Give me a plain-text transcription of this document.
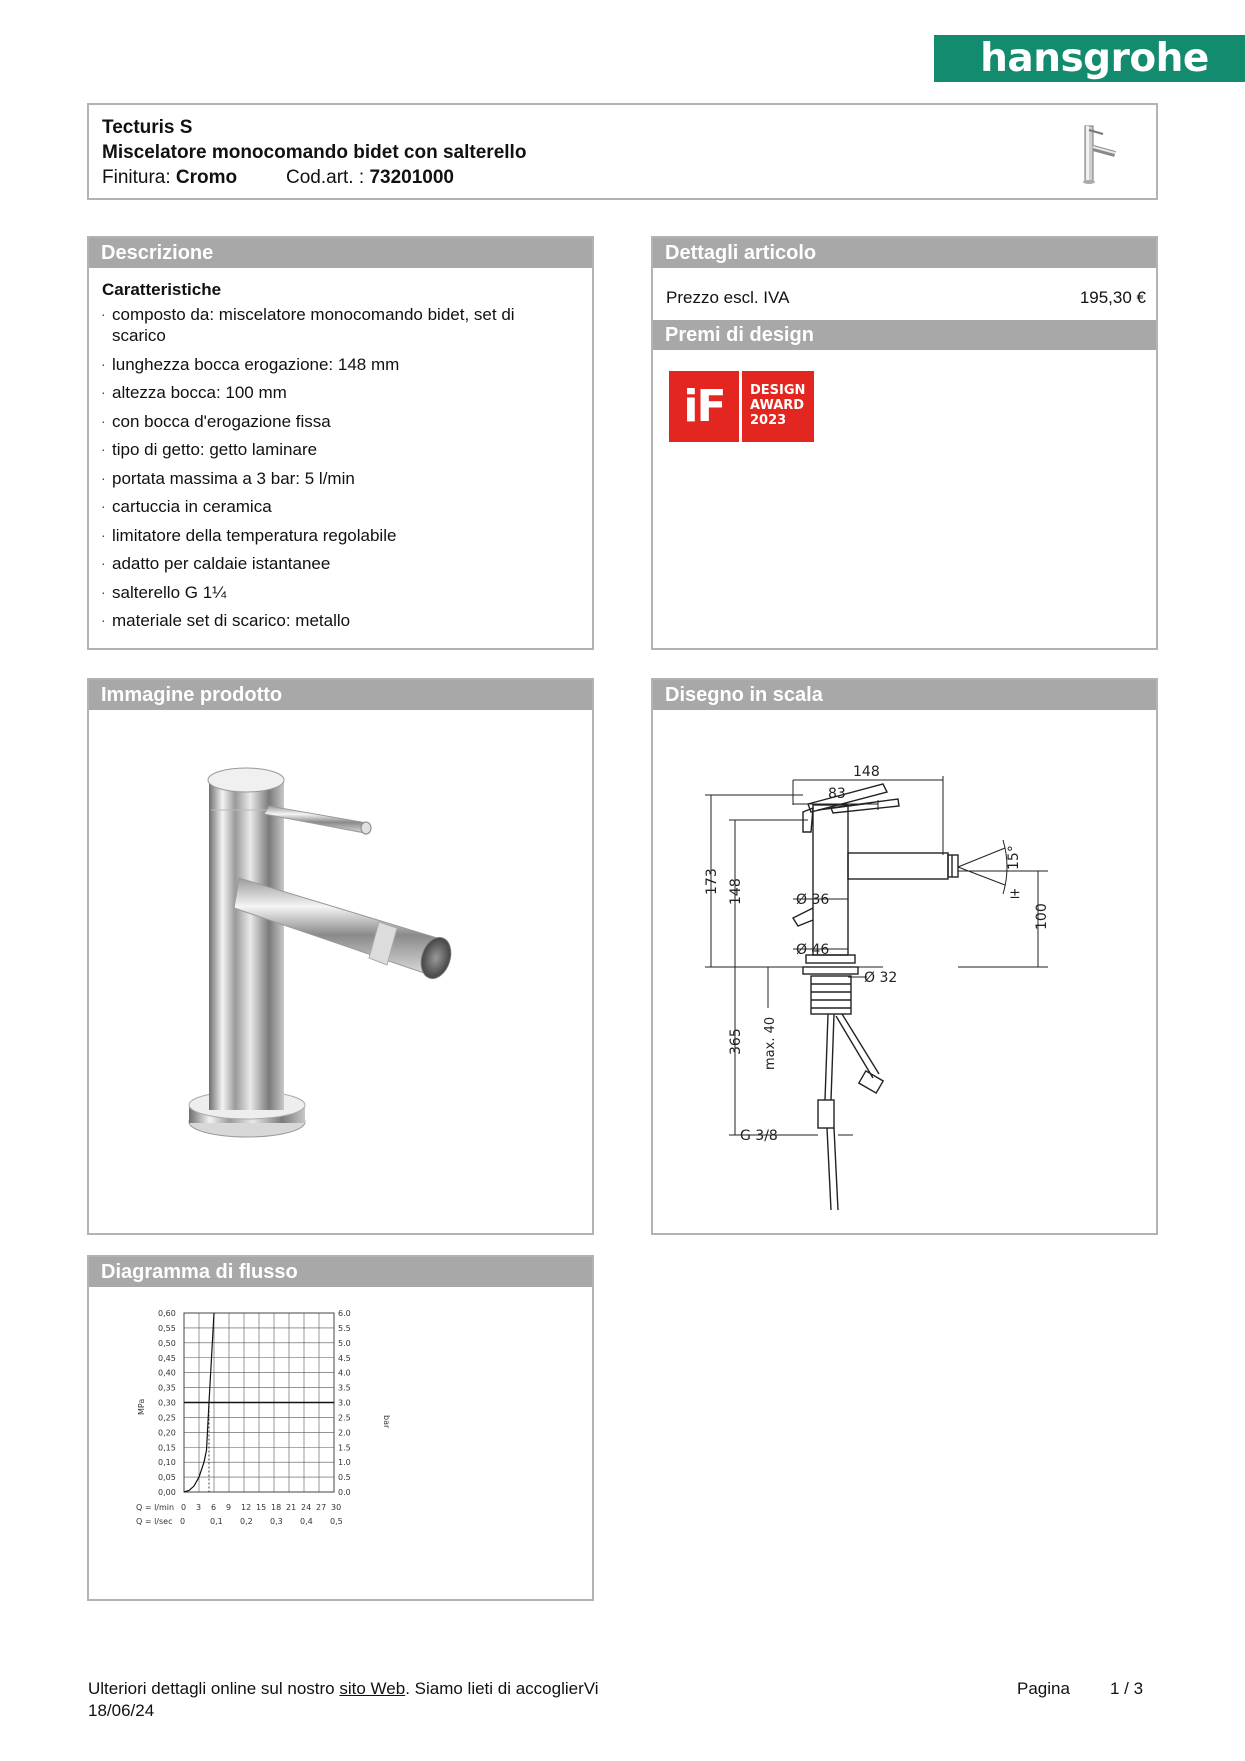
hansgrohe
Tecturis S
Miscelatore monocomando bidet con salterello
Finitura: Cromo	Cod.art. : 73201000
Descrizione
Caratteristiche
· composto da: miscelatore monocomando bidet, set di scarico
· lunghezza bocca erogazione: 148 mm
· altezza bocca: 100 mm
· con bocca d'erogazione fissa
· tipo di getto: getto laminare
· portata massima a 3 bar: 5 l/min
· cartuccia in ceramica
· limitatore della temperatura regolabile
· adatto per caldaie istantanee
· salterello G 1¼
· materiale set di scarico: metallo
Dettagli articolo
Prezzo escl. IVA	195,30 €
Premi di design
iF	DESIGN
AWARD
2023
Immagine prodotto	Disegno in scala
148
83
173 148	Ø 36
Ø 46
Ø 32
100
15°
±
365 max. 40
G 3/8
Diagramma di flusso
0 3 6 9 12 15 18 21 24 27 30
0	0,1 0,2 0,3 0,4 0,5
0,00
0,05
0,10
0,15
0,20
0,25
0,30
0,35
0,40
0,45
0,50
0,55
0,60
0.0
0.5
1.0
1.5
2.0
2.5
3.0
3.5
4.0
4.5
5.0
5.5
6.0
MPa
bar
Q = l/min
Q = l/sec
Ulteriori dettagli online sul nostro sito Web. Siamo lieti di accoglierVi
18/06/24
Pagina 1 / 3
